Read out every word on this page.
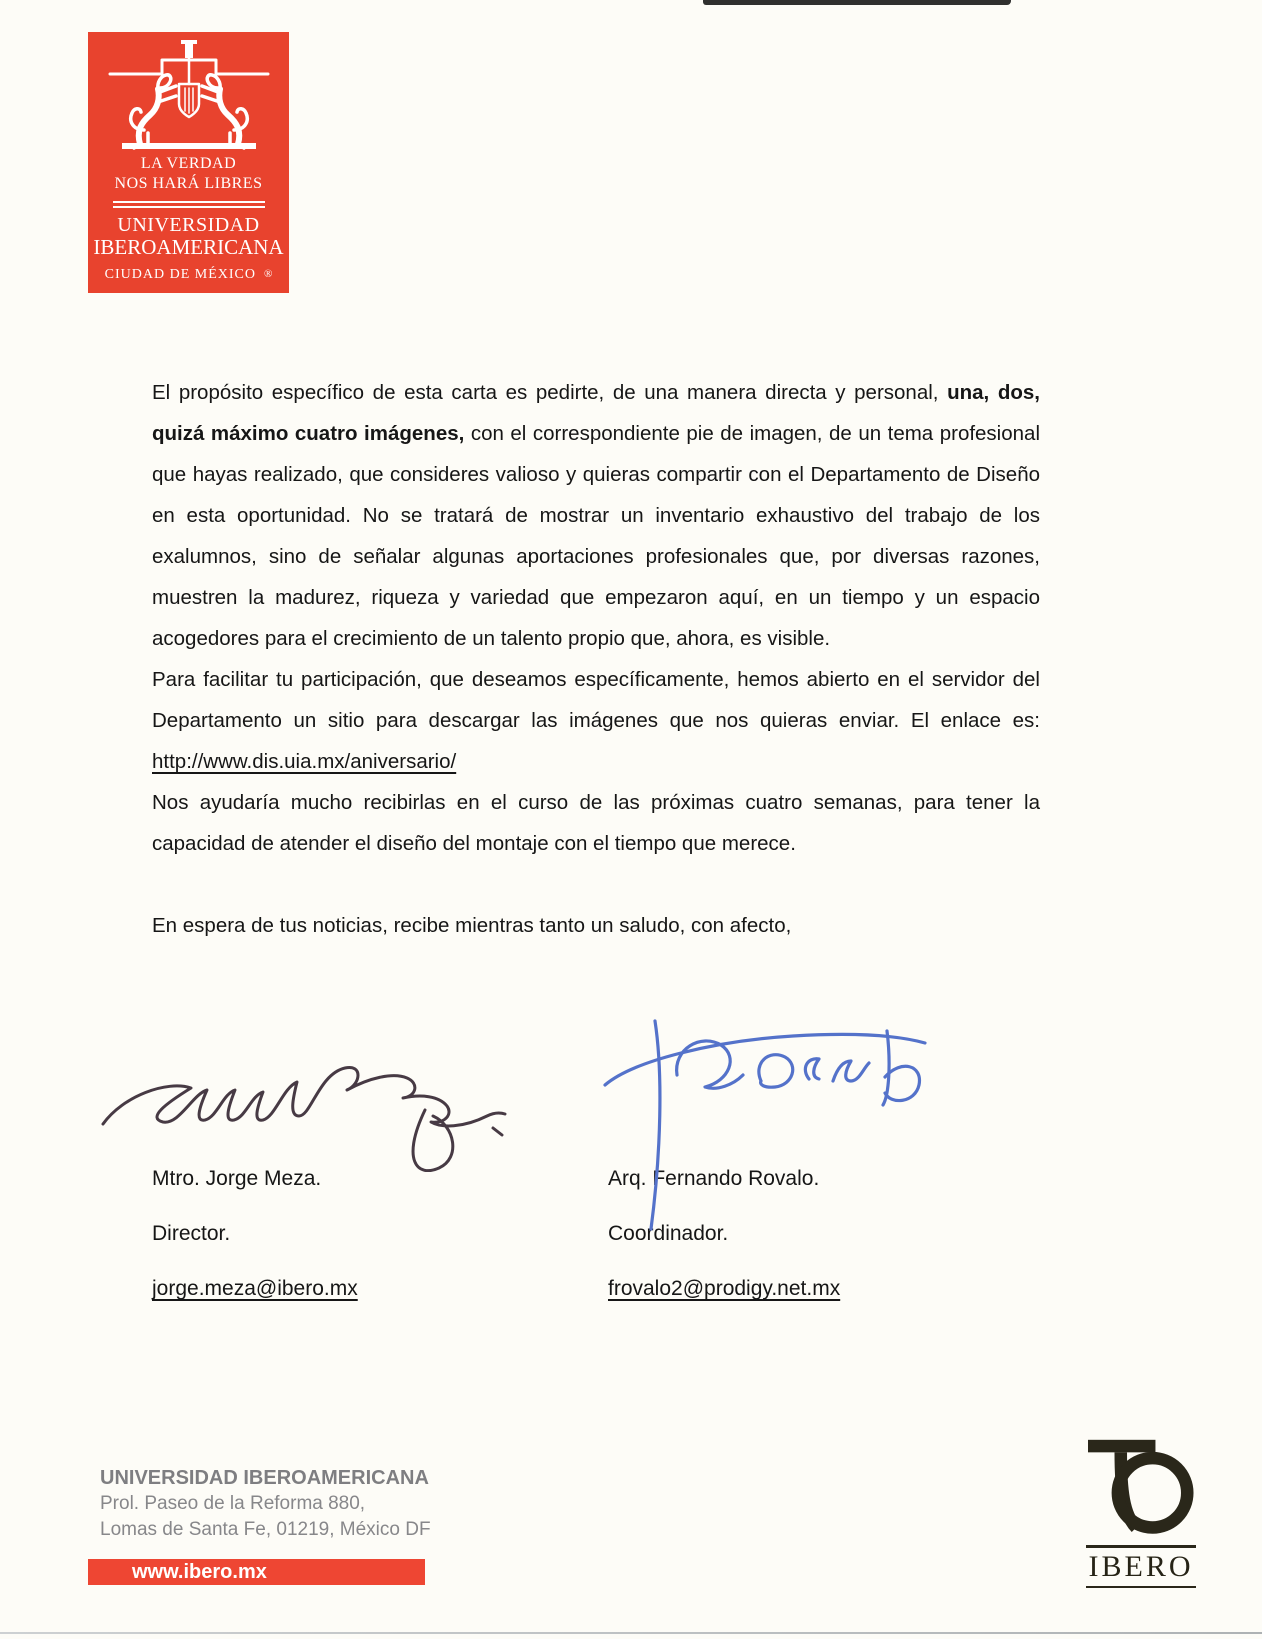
LA VERDAD
NOS HARÁ LIBRES
UNIVERSIDAD
IBEROAMERICANA
CIUDAD DE MÉXICO ®

El propósito específico de esta carta es pedirte, de una manera directa y personal, una, dos, quizá máximo cuatro imágenes, con el correspondiente pie de imagen, de un tema profesional que hayas realizado, que consideres valioso y quieras compartir con el Departamento de Diseño en esta oportunidad. No se tratará de mostrar un inventario exhaustivo del trabajo de los exalumnos, sino de señalar algunas aportaciones profesionales que, por diversas razones, muestren la madurez, riqueza y variedad que empezaron aquí, en un tiempo y un espacio acogedores para el crecimiento de un talento propio que, ahora, es visible.

Para facilitar tu participación, que deseamos específicamente, hemos abierto en el servidor del Departamento un sitio para descargar las imágenes que nos quieras enviar. El enlace es: http://www.dis.uia.mx/aniversario/

Nos ayudaría mucho recibirlas en el curso de las próximas cuatro semanas, para tener la capacidad de atender el diseño del montaje con el tiempo que merece.

En espera de tus noticias, recibe mientras tanto un saludo, con afecto,

Mtro. Jorge Meza.

Director.

jorge.meza@ibero.mx

Arq. Fernando Rovalo.

Coordinador.

frovalo2@prodigy.net.mx

UNIVERSIDAD IBEROAMERICANA
Prol. Paseo de la Reforma 880,
Lomas de Santa Fe, 01219, México DF
www.ibero.mx	IBERO
